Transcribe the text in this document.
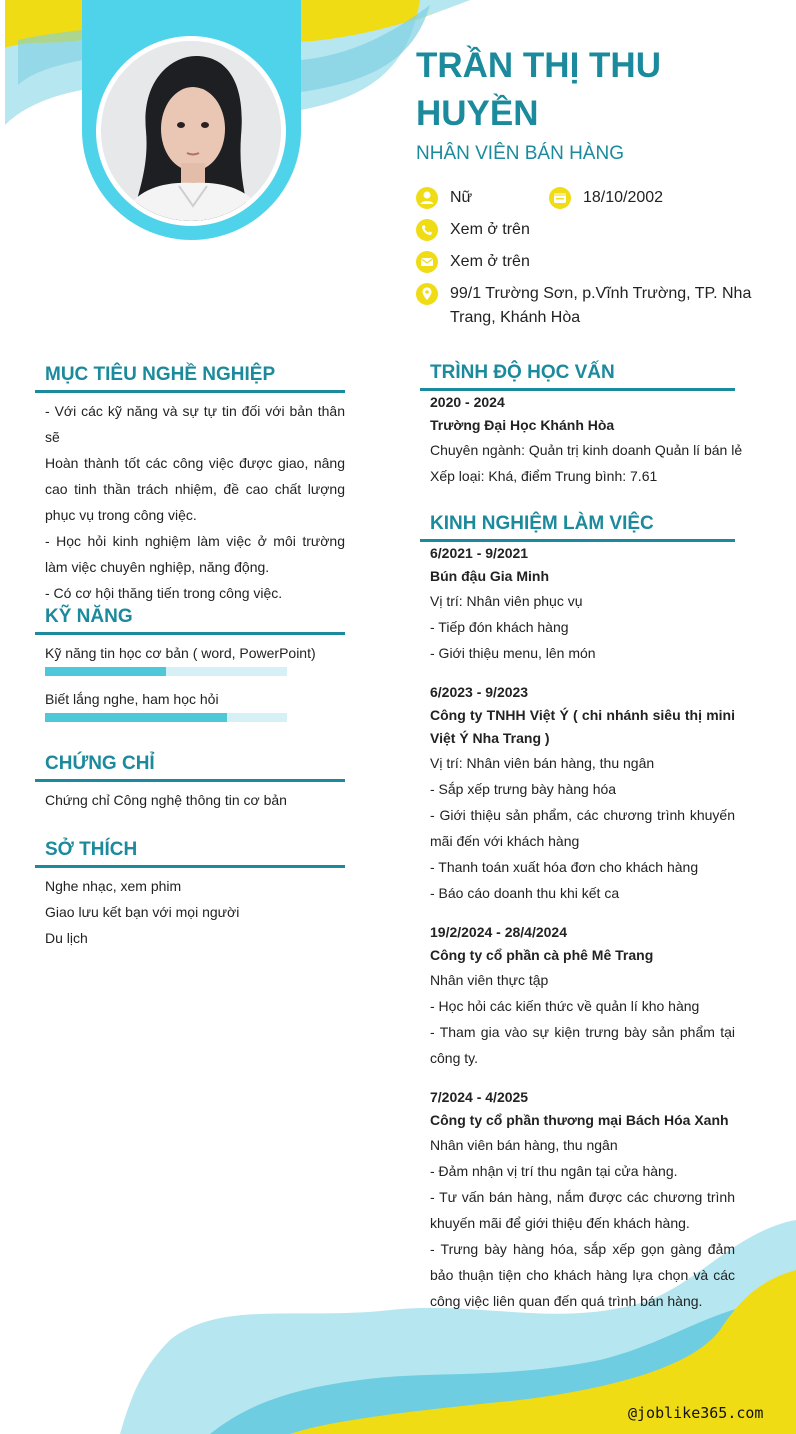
TRẦN THỊ THU HUYỀN
NHÂN VIÊN BÁN HÀNG
Nữ	18/10/2002
Xem ở trên
Xem ở trên
99/1 Trường Sơn, p.Vĩnh Trường, TP. Nha
Trang, Khánh Hòa
MỤC TIÊU NGHỀ NGHIỆP
- Với các kỹ năng và sự tự tin đối với bản thân sẽ
Hoàn thành tốt các công việc được giao, nâng
cao tinh thần trách nhiệm, đề cao chất lượng
phục vụ trong công việc.
- Học hỏi kinh nghiệm làm việc ở môi trường
làm việc chuyên nghiệp, năng động.
- Có cơ hội thăng tiến trong công việc.
KỸ NĂNG
Kỹ năng tin học cơ bản ( word, PowerPoint)
Biết lắng nghe, ham học hỏi
CHỨNG CHỈ
Chứng chỉ Công nghệ thông tin cơ bản
SỞ THÍCH
Nghe nhạc, xem phim
Giao lưu kết bạn với mọi người
Du lịch
TRÌNH ĐỘ HỌC VẤN
2020 - 2024
Trường Đại Học Khánh Hòa
Chuyên ngành: Quản trị kinh doanh Quản lí bán lẻ
Xếp loại: Khá, điểm Trung bình: 7.61
KINH NGHIỆM LÀM VIỆC
6/2021 - 9/2021
Bún đậu Gia Minh
Vị trí: Nhân viên phục vụ
- Tiếp đón khách hàng
- Giới thiệu menu, lên món
6/2023 - 9/2023
Công ty TNHH Việt Ý ( chi nhánh siêu thị mini
Việt Ý Nha Trang )
Vị trí: Nhân viên bán hàng, thu ngân
- Sắp xếp trưng bày hàng hóa
- Giới thiệu sản phẩm, các chương trình khuyến
mãi đến với khách hàng
- Thanh toán xuất hóa đơn cho khách hàng
- Báo cáo doanh thu khi kết ca
19/2/2024 - 28/4/2024
Công ty cổ phần cà phê Mê Trang
Nhân viên thực tập
- Học hỏi các kiến thức về quản lí kho hàng
- Tham gia vào sự kiện trưng bày sản phẩm tại
công ty.
7/2024 - 4/2025
Công ty cổ phần thương mại Bách Hóa Xanh
Nhân viên bán hàng, thu ngân
- Đảm nhận vị trí thu ngân tại cửa hàng.
- Tư vấn bán hàng, nắm được các chương trình
khuyến mãi để giới thiệu đến khách hàng.
- Trưng bày hàng hóa, sắp xếp gọn gàng đảm
bảo thuận tiện cho khách hàng lựa chọn và các
công việc liên quan đến quá trình bán hàng.
@joblike365.com
